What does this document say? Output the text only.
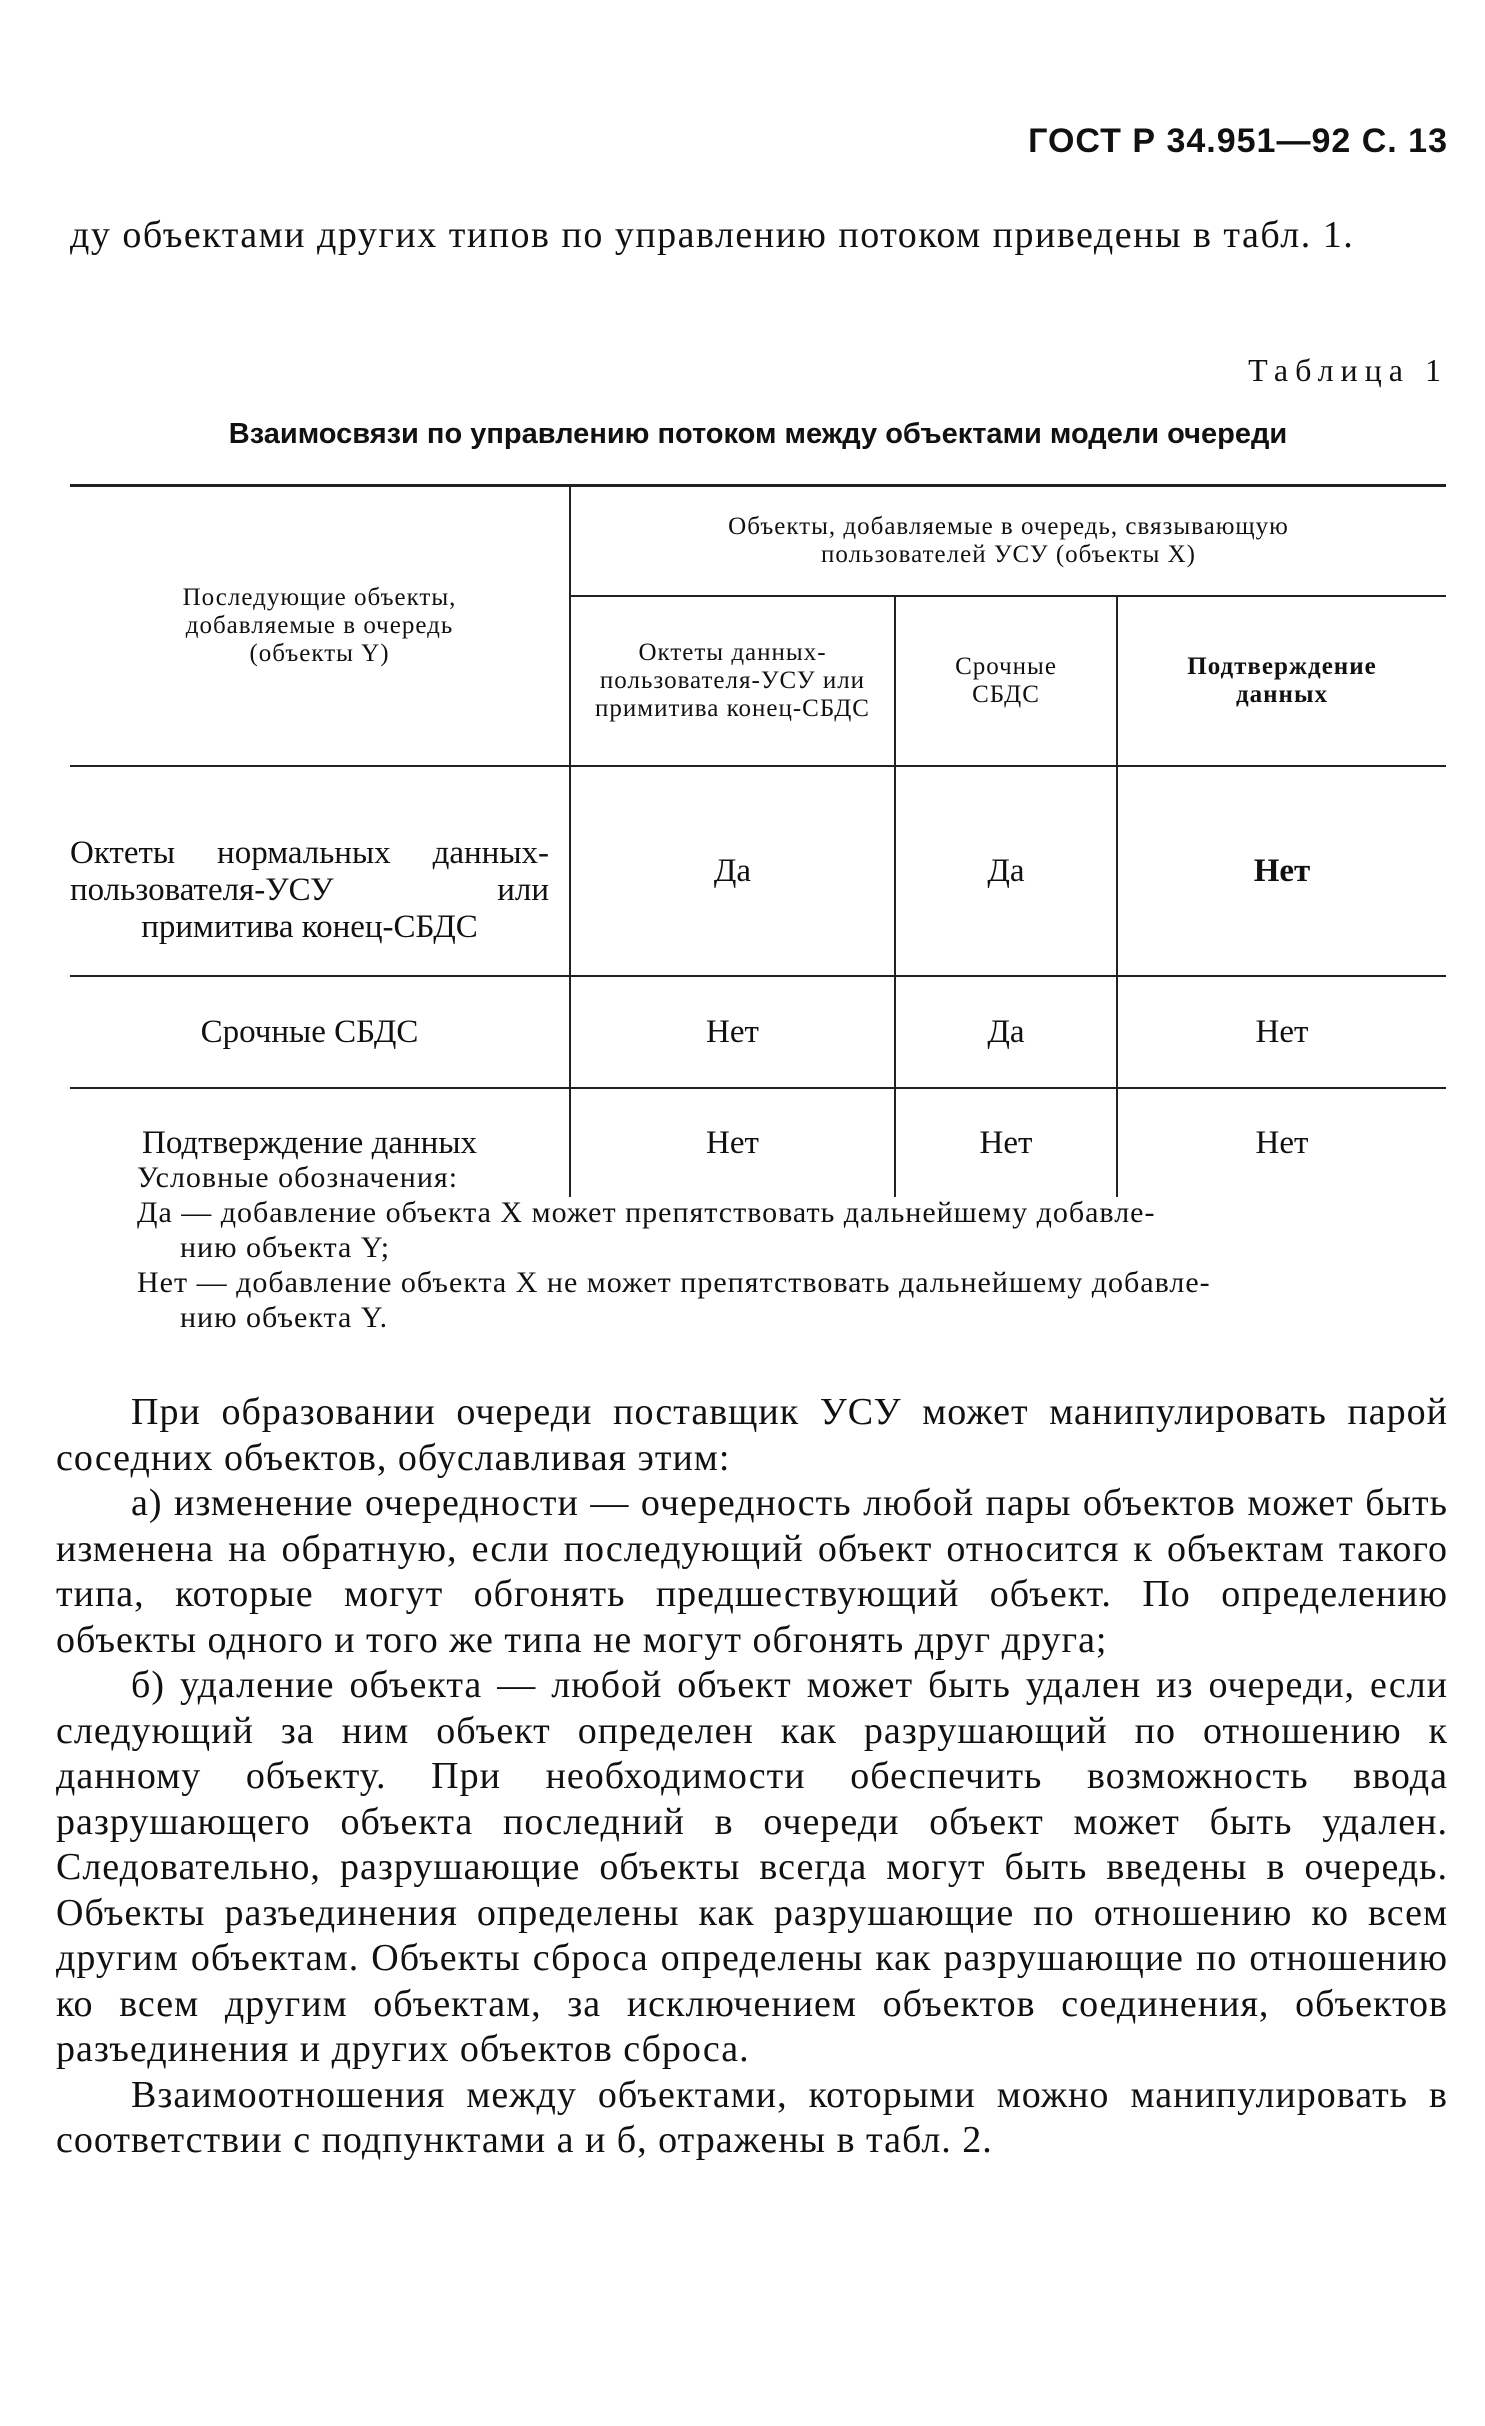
ГОСТ Р 34.951—92 С. 13
ду объектами других типов по управлению потоком приведены в табл. 1.
Таблица 1
Взаимосвязи по управлению потоком между объектами модели очереди
Последующие объекты, добавляемые в очередь (объекты Y)	Объекты, добавляемые в очередь, связывающую пользователей УСУ (объекты X)		
	Октеты данных-пользователя-УСУ или примитива конец-СБДС	Срочные СБДС	Подтверждение данных
Октеты нормальных данных-пользователя-УСУ или примитива конец-СБДС	Да	Да	Нет
Срочные СБДС	Нет	Да	Нет
Подтверждение данных	Нет	Нет	Нет

Условные обозначения:

Да — добавление объекта X может препятствовать дальнейшему добавле-

нию объекта Y;

Нет — добавление объекта X не может препятствовать дальнейшему добавле-

нию объекта Y.

При образовании очереди поставщик УСУ может манипулировать парой соседних объектов, обуславливая этим:

а) изменение очередности — очередность любой пары объектов может быть изменена на обратную, если последующий объект относится к объектам такого типа, которые могут обгонять предшествующий объект. По определению объекты одного и того же типа не могут обгонять друг друга;

б) удаление объекта — любой объект может быть удален из очереди, если следующий за ним объект определен как разрушающий по отношению к данному объекту. При необходимости обеспечить возможность ввода разрушающего объекта последний в очереди объект может быть удален. Следовательно, разрушающие объекты всегда могут быть введены в очередь. Объекты разъединения определены как разрушающие по отношению ко всем другим объектам. Объекты сброса определены как разрушающие по отношению ко всем другим объектам, за исключением объектов соединения, объектов разъединения и других объектов сброса.

Взаимоотношения между объектами, которыми можно манипулировать в соответствии с подпунктами а и б, отражены в табл. 2.
